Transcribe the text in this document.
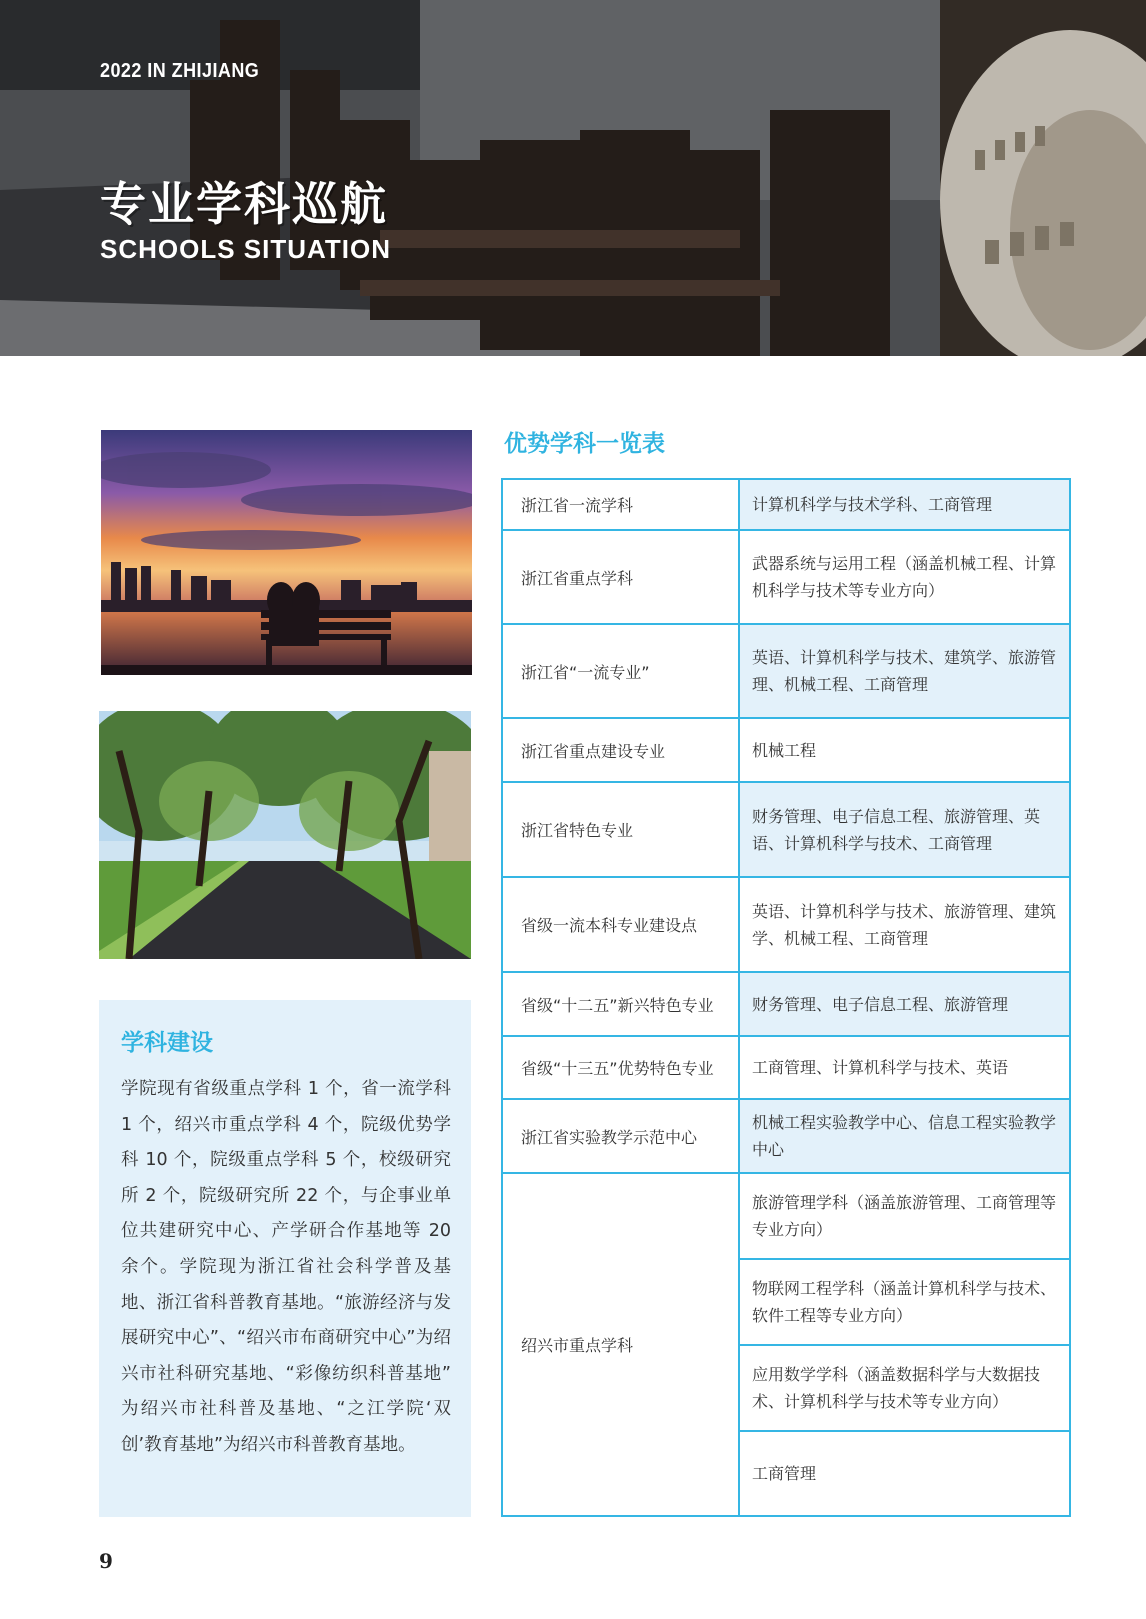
2022 IN ZHIJIANG
专业学科巡航
SCHOOLS SITUATION
学科建设
学院现有省级重点学科 1 个，省一流学科 1 个，绍兴市重点学科 4 个，院级优势学科 10 个，院级重点学科 5 个，校级研究所 2 个，院级研究所 22 个，与企事业单位共建研究中心、产学研合作基地等 20 余个。学院现为浙江省社会科学普及基地、浙江省科普教育基地。“旅游经济与发展研究中心”、“绍兴市布商研究中心”为绍兴市社科研究基地、“彩像纺织科普基地” 为绍兴市社科普及基地、“之江学院‘双创’教育基地”为绍兴市科普教育基地。
优势学科一览表
浙江省一流学科	计算机科学与技术学科、工商管理
浙江省重点学科	武器系统与运用工程（涵盖机械工程、计算机科学与技术等专业方向）
浙江省“一流专业”	英语、计算机科学与技术、建筑学、旅游管理、机械工程、工商管理
浙江省重点建设专业	机械工程
浙江省特色专业	财务管理、电子信息工程、旅游管理、英语、计算机科学与技术、工商管理
省级一流本科专业建设点	英语、计算机科学与技术、旅游管理、建筑学、机械工程、工商管理
省级“十二五”新兴特色专业	财务管理、电子信息工程、旅游管理
省级“十三五”优势特色专业	工商管理、计算机科学与技术、英语
浙江省实验教学示范中心	机械工程实验教学中心、信息工程实验教学中心
绍兴市重点学科	旅游管理学科（涵盖旅游管理、工商管理等专业方向）
	物联网工程学科（涵盖计算机科学与技术、软件工程等专业方向）
	应用数学学科（涵盖数据科学与大数据技术、计算机科学与技术等专业方向）
	工商管理
9
